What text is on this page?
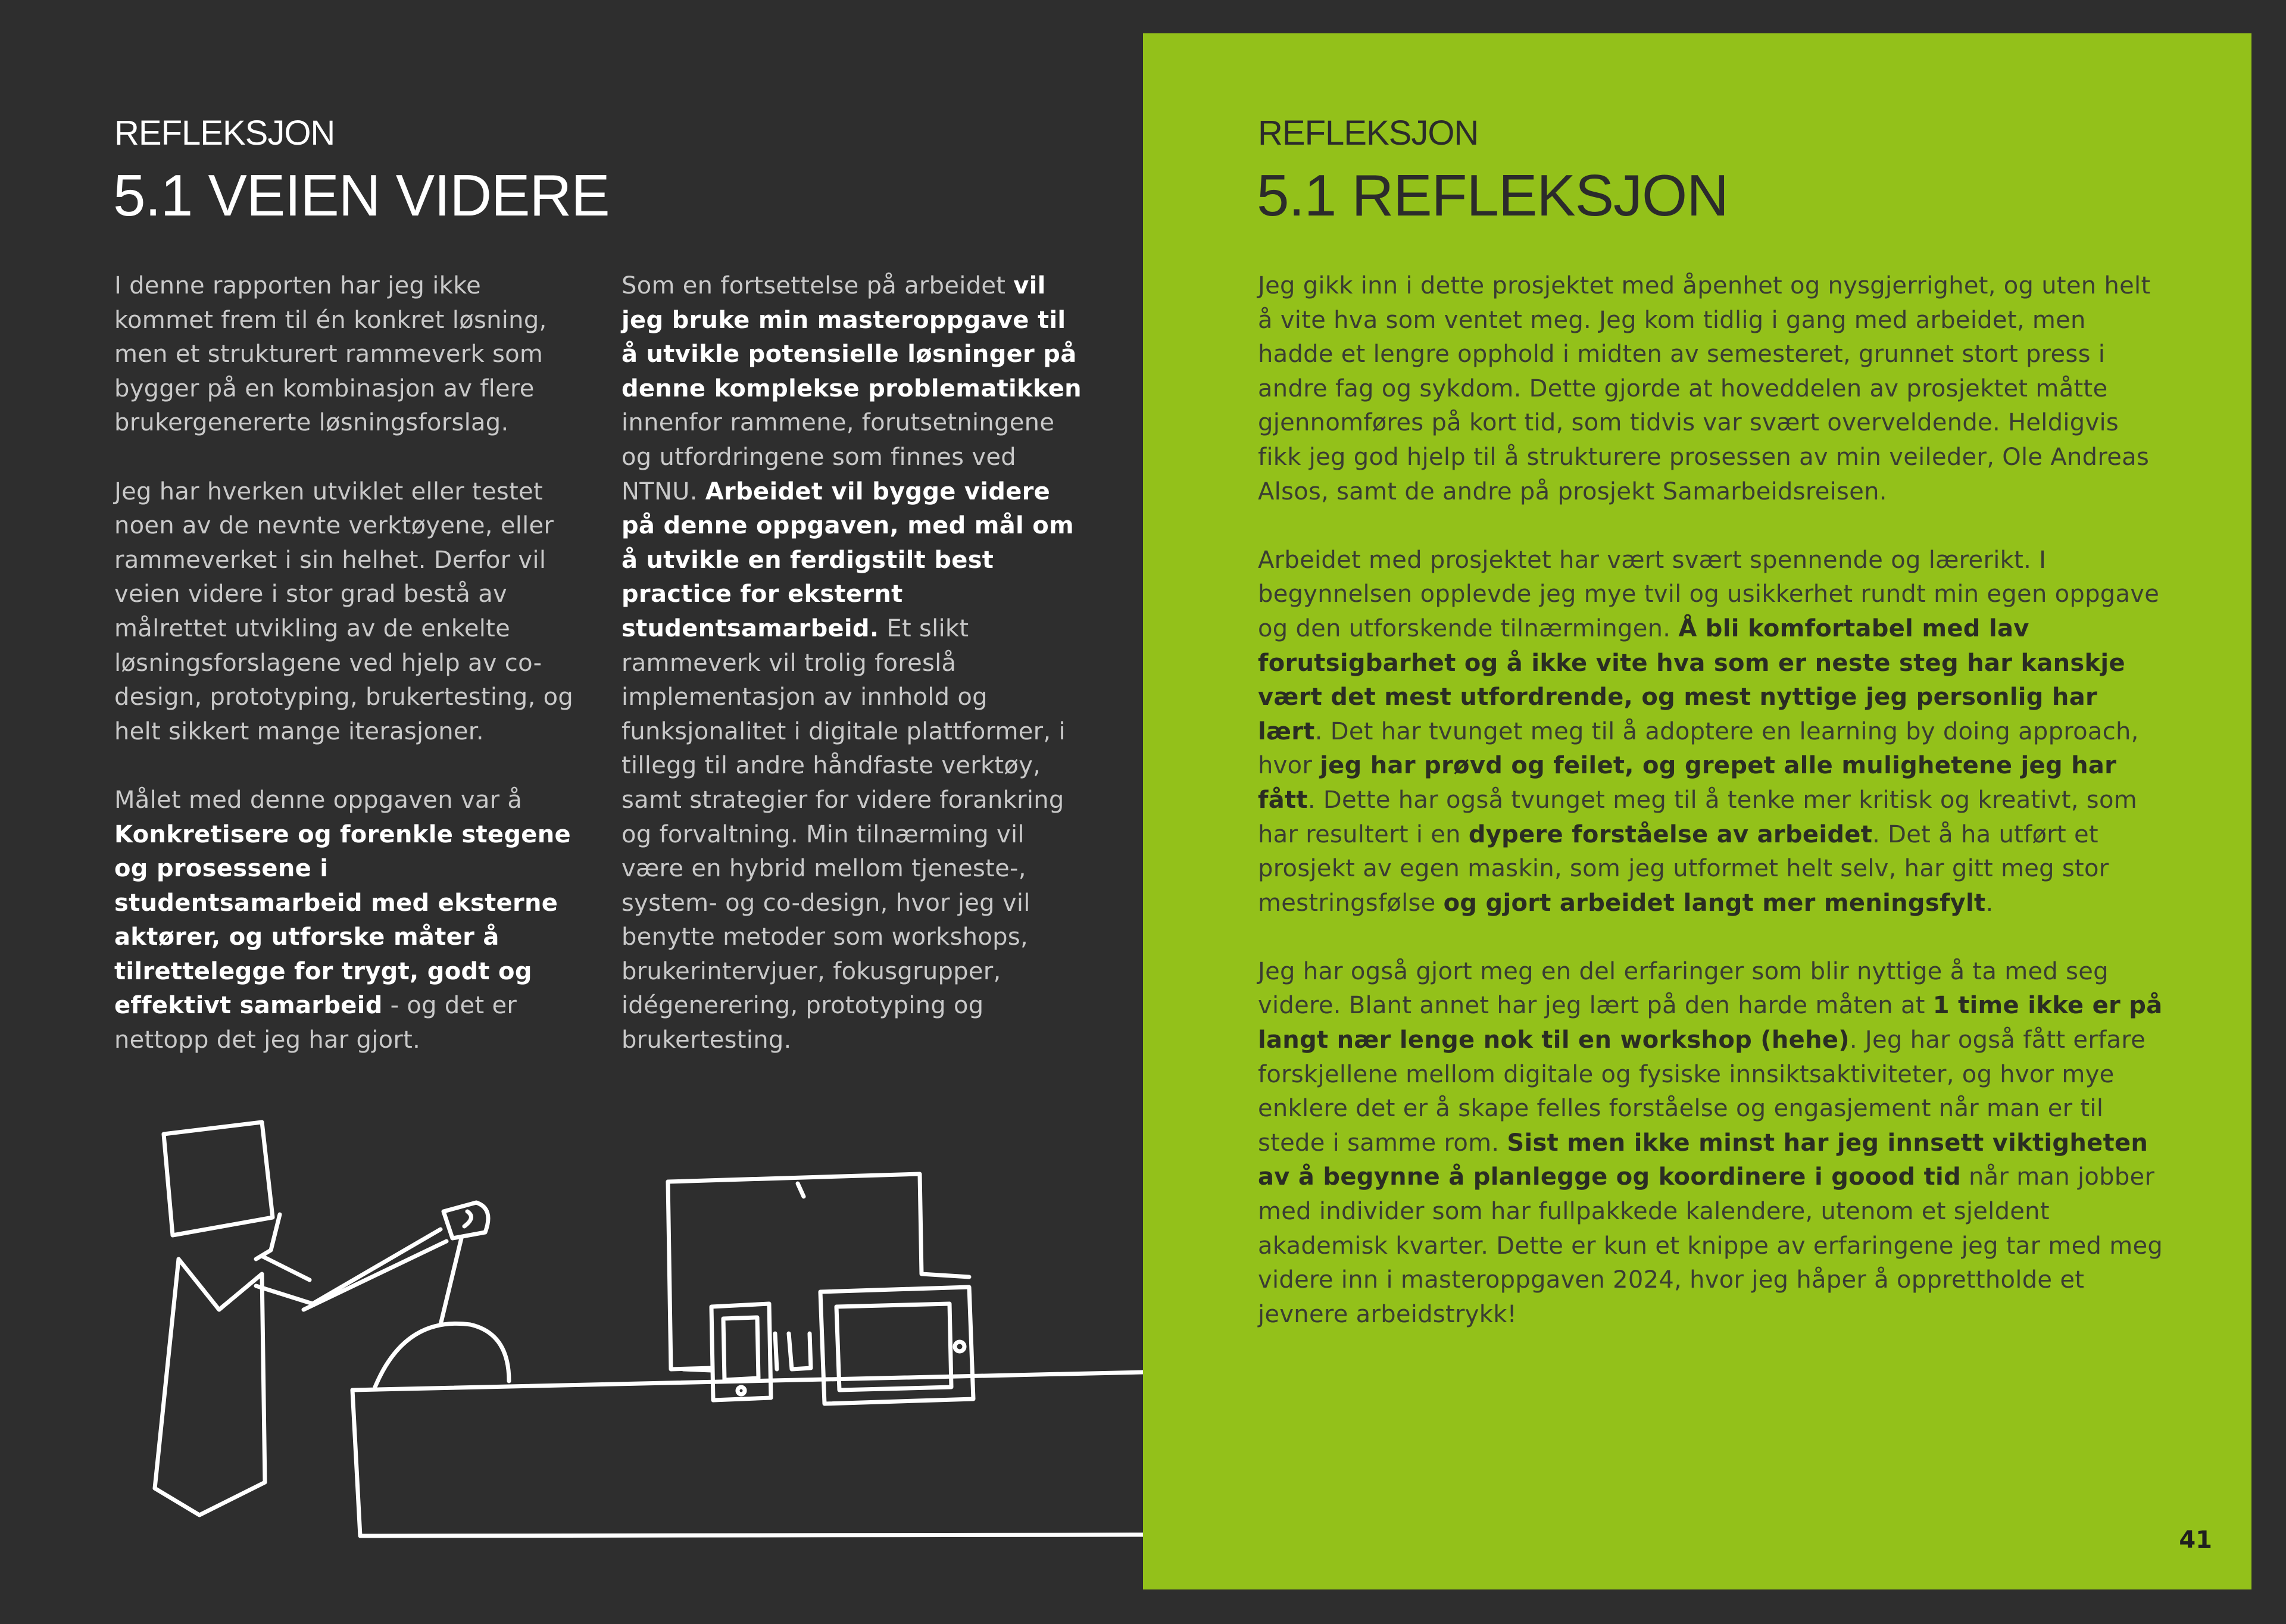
REFLEKSJON
5.1 VEIEN VIDERE

I denne rapporten har jeg ikke kommet frem til én konkret løsning, men et strukturert rammeverk som bygger på en kombinasjon av flere brukergenererte løsningsforslag.

Jeg har hverken utviklet eller testet noen av de nevnte verktøyene, eller rammeverket i sin helhet. Derfor vil veien videre i stor grad bestå av målrettet utvikling av de enkelte løsningsforslagene ved hjelp av co-design, prototyping, brukertesting, og helt sikkert mange iterasjoner.

Målet med denne oppgaven var å Konkretisere og forenkle stegene og prosessene i studentsamarbeid med eksterne aktører, og utforske måter å tilrettelegge for trygt, godt og effektivt samarbeid - og det er nettopp det jeg har gjort.

Som en fortsettelse på arbeidet vil jeg bruke min masteroppgave til å utvikle potensielle løsninger på denne komplekse problematikken innenfor rammene, forutsetningene og utfordringene som finnes ved NTNU. Arbeidet vil bygge videre på denne oppgaven, med mål om å utvikle en ferdigstilt best practice for eksternt studentsamarbeid. Et slikt rammeverk vil trolig foreslå implementasjon av innhold og funksjonalitet i digitale plattformer, i tillegg til andre håndfaste verktøy, samt strategier for videre forankring og forvaltning. Min tilnærming vil være en hybrid mellom tjeneste-, system- og co-design, hvor jeg vil benytte metoder som workshops, brukerintervjuer, fokusgrupper, idégenerering, prototyping og brukertesting.

REFLEKSJON
5.1 REFLEKSJON

Jeg gikk inn i dette prosjektet med åpenhet og nysgjerrighet, og uten helt å vite hva som ventet meg. Jeg kom tidlig i gang med arbeidet, men hadde et lengre opphold i midten av semesteret, grunnet stort press i andre fag og sykdom. Dette gjorde at hoveddelen av prosjektet måtte gjennomføres på kort tid, som tidvis var svært overveldende. Heldigvis fikk jeg god hjelp til å strukturere prosessen av min veileder, Ole Andreas Alsos, samt de andre på prosjekt Samarbeidsreisen.

Arbeidet med prosjektet har vært svært spennende og lærerikt. I begynnelsen opplevde jeg mye tvil og usikkerhet rundt min egen oppgave og den utforskende tilnærmingen. Å bli komfortabel med lav forutsigbarhet og å ikke vite hva som er neste steg har kanskje vært det mest utfordrende, og mest nyttige jeg personlig har lært. Det har tvunget meg til å adoptere en learning by doing approach, hvor jeg har prøvd og feilet, og grepet alle mulighetene jeg har fått. Dette har også tvunget meg til å tenke mer kritisk og kreativt, som har resultert i en dypere forståelse av arbeidet. Det å ha utført et prosjekt av egen maskin, som jeg utformet helt selv, har gitt meg stor mestringsfølse og gjort arbeidet langt mer meningsfylt.

Jeg har også gjort meg en del erfaringer som blir nyttige å ta med seg videre. Blant annet har jeg lært på den harde måten at 1 time ikke er på langt nær lenge nok til en workshop (hehe). Jeg har også fått erfare forskjellene mellom digitale og fysiske innsiktsaktiviteter, og hvor mye enklere det er å skape felles forståelse og engasjement når man er til stede i samme rom. Sist men ikke minst har jeg innsett viktigheten av å begynne å planlegge og koordinere i goood tid når man jobber med individer som har fullpakkede kalendere, utenom et sjeldent akademisk kvarter. Dette er kun et knippe av erfaringene jeg tar med meg videre inn i masteroppgaven 2024, hvor jeg håper å opprettholde et jevnere arbeidstrykk!

41
